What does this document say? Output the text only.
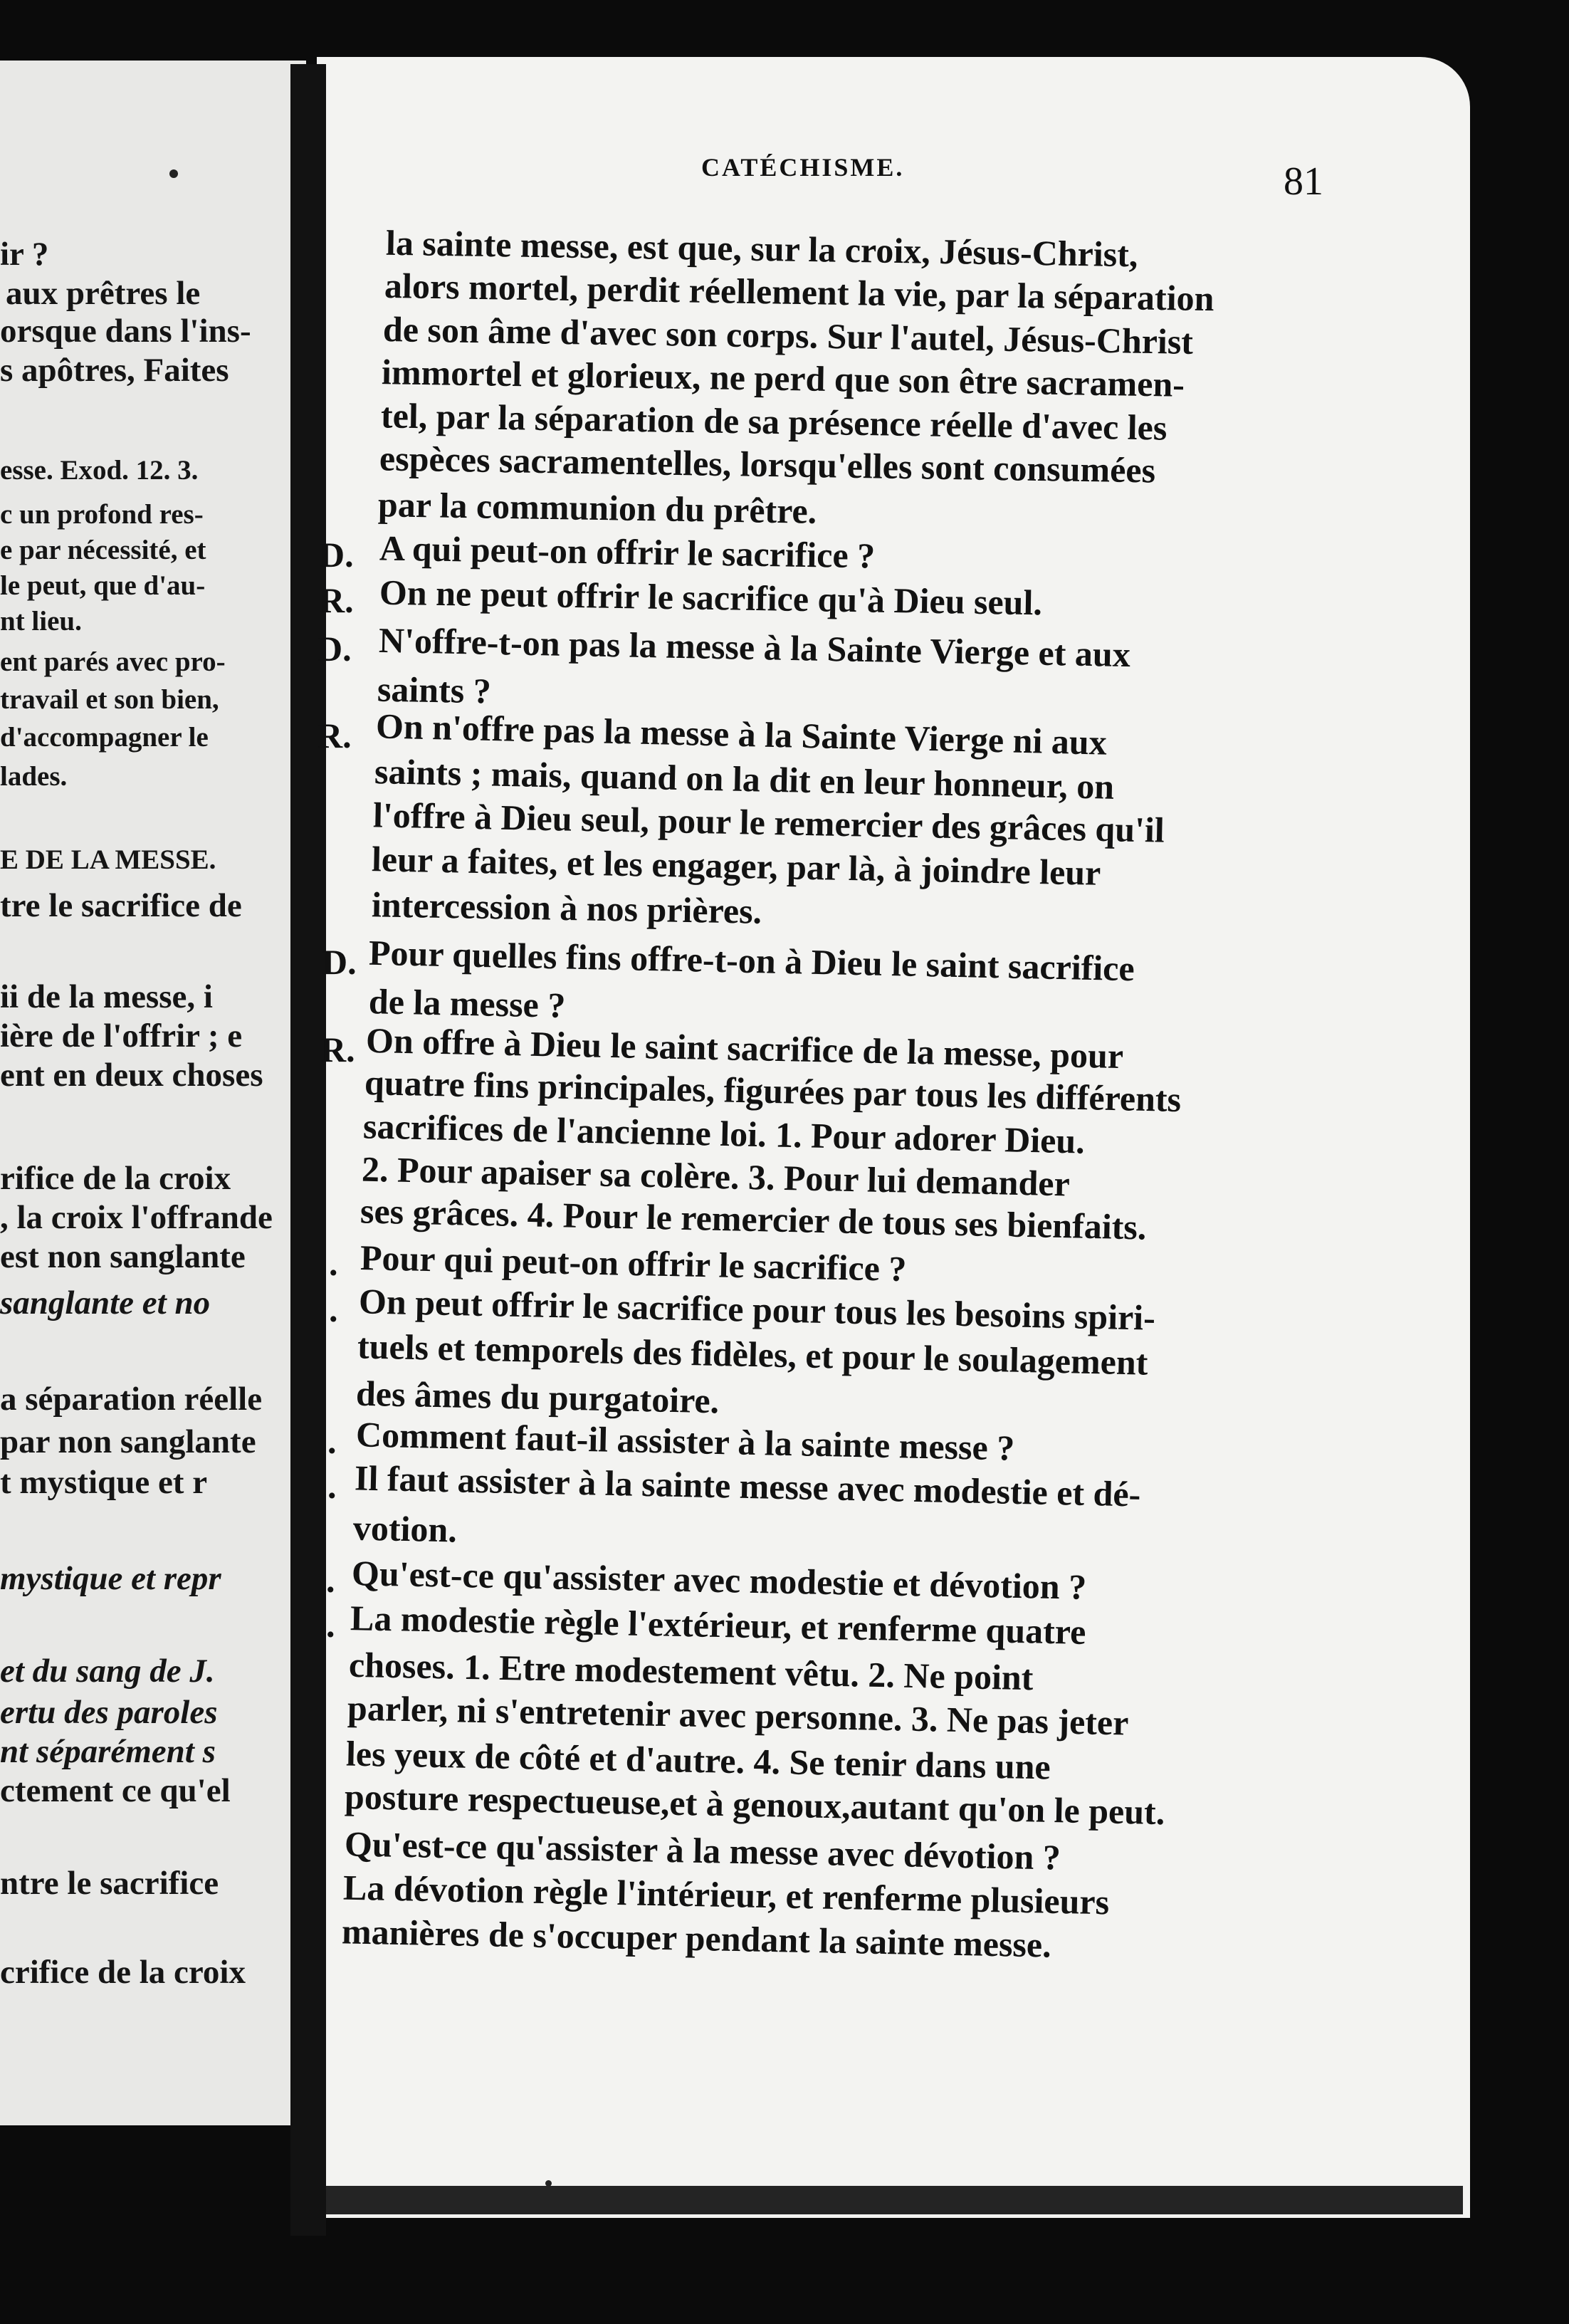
ir ?
aux prêtres le
orsque dans l'ins-
s apôtres, Faites
esse. Exod. 12. 3.
c un profond res-
e par nécessité, et
le peut, que d'au-
nt lieu.
ent parés avec pro-
travail et son bien,
d'accompagner le
lades.
E DE LA MESSE.
tre le sacrifice de
ii de la messe, i
ière de l'offrir ; e
ent en deux choses
rifice de la croix
, la croix l'offrande
est non sanglante
sanglante et no
a séparation réelle
par non sanglante
t mystique et r
mystique et repr
et du sang de J.
ertu des paroles
nt séparément s
ctement ce qu'el
ntre le sacrifice
crifice de la croix
CATÉCHISME.	81
la sainte messe, est que, sur la croix, Jésus-Christ,
alors mortel, perdit réellement la vie, par la séparation
de son âme d'avec son corps. Sur l'autel, Jésus-Christ
immortel et glorieux, ne perd que son être sacramen-
tel, par la séparation de sa présence réelle d'avec les
espèces sacramentelles, lorsqu'elles sont consumées
par la communion du prêtre.
A qui peut-on offrir le sacrifice ?
On ne peut offrir le sacrifice qu'à Dieu seul.
N'offre-t-on pas la messe à la Sainte Vierge et aux
saints ?
On n'offre pas la messe à la Sainte Vierge ni aux
saints ; mais, quand on la dit en leur honneur, on
l'offre à Dieu seul, pour le remercier des grâces qu'il
leur a faites, et les engager, par là, à joindre leur
intercession à nos prières.
Pour quelles fins offre-t-on à Dieu le saint sacrifice
de la messe ?
On offre à Dieu le saint sacrifice de la messe, pour
quatre fins principales, figurées par tous les différents
sacrifices de l'ancienne loi. 1. Pour adorer Dieu.
2. Pour apaiser sa colère. 3. Pour lui demander
ses grâces. 4. Pour le remercier de tous ses bienfaits.
Pour qui peut-on offrir le sacrifice ?
On peut offrir le sacrifice pour tous les besoins spiri-
tuels et temporels des fidèles, et pour le soulagement
des âmes du purgatoire.
Comment faut-il assister à la sainte messe ?
Il faut assister à la sainte messe avec modestie et dé-
votion.
Qu'est-ce qu'assister avec modestie et dévotion ?
La modestie règle l'extérieur, et renferme quatre
choses. 1. Etre modestement vêtu. 2. Ne point
parler, ni s'entretenir avec personne. 3. Ne pas jeter
les yeux de côté et d'autre. 4. Se tenir dans une
posture respectueuse,et à genoux,autant qu'on le peut.
Qu'est-ce qu'assister à la messe avec dévotion ?
La dévotion règle l'intérieur, et renferme plusieurs
manières de s'occuper pendant la sainte messe.
D.
R.
D.
R.
D.
R.
.
.
.
.
.
.
